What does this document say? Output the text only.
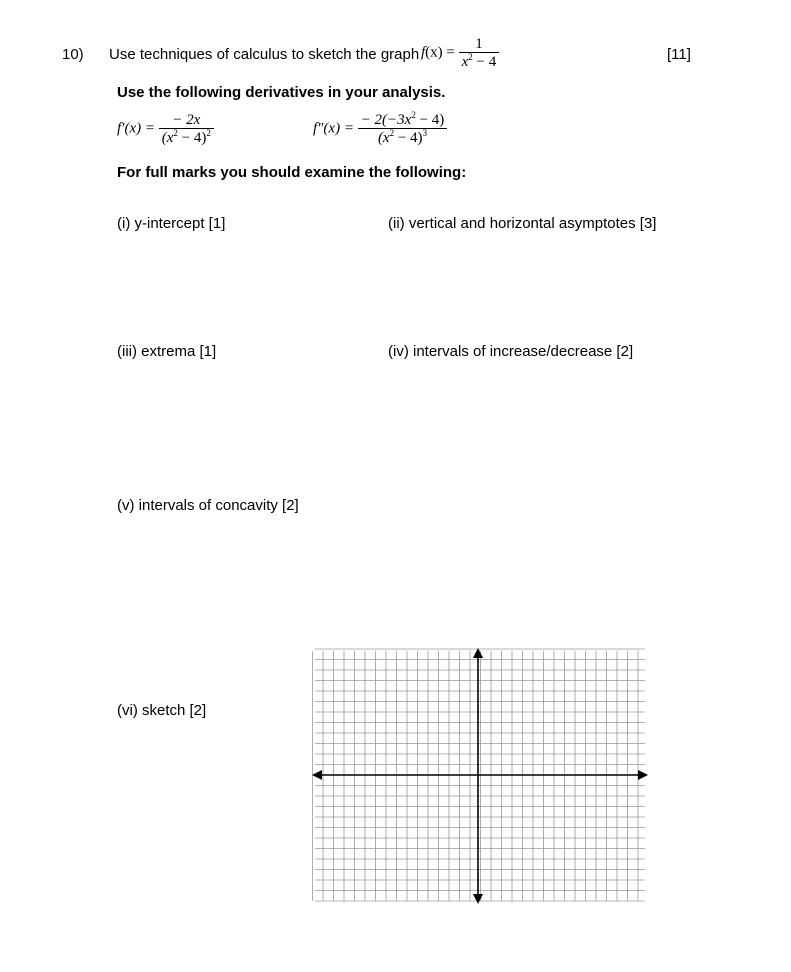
10) Use techniques of calculus to sketch the graph $f(x) = \frac{1}{x^2 - 4}$	[11]
Use the following derivatives in your analysis.
$f'(x) = \frac{- 2x}{(x^2 - 4)^2}$	$f''(x) = \frac{- 2(-3x^2 - 4)}{(x^2 - 4)^3}$
For full marks you should examine the following:
(i) y-intercept [1]	(ii) vertical and horizontal asymptotes [3]
(iii) extrema [1]	(iv) intervals of increase/decrease [2]
(v) intervals of concavity [2]
(vi) sketch [2]
